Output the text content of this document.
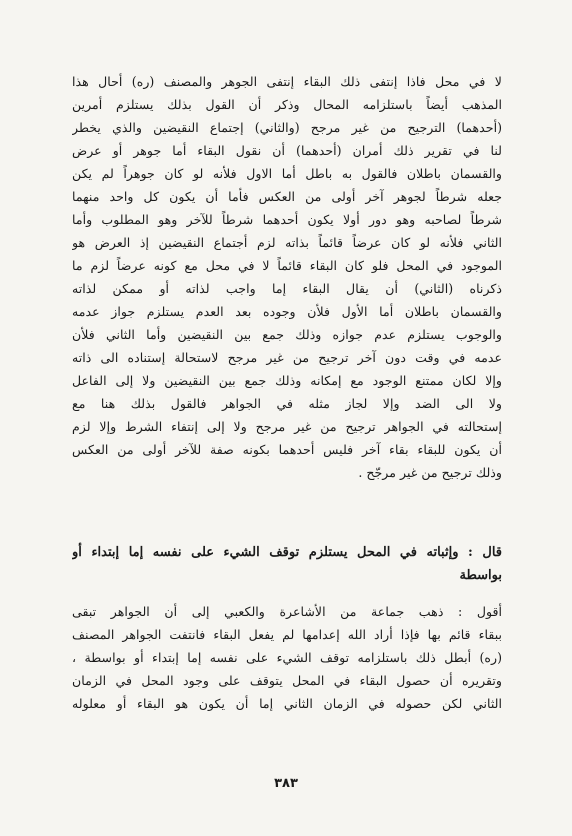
لا في محل فاذا إنتفى ذلك البقاء إنتفى الجوهر والمصنف (ره) أحال هذا
المذهب أيضاً باستلزامه المحال وذكر أن القول بذلك يستلزم أمرين
(أحدهما) الترجيح من غير مرجح (والثاني) إجتماع النقيضين والذي يخطر
لنا في تقرير ذلك أمران (أحدهما) أن نقول البقاء أما جوهر أو عرض
والقسمان باطلان فالقول به باطل أما الاول فلأنه لو كان جوهراً لم يكن
جعله شرطاً لجوهر آخر أولى من العكس فأما أن يكون كل واحد منهما
شرطاً لصاحبه وهو دور أولا يكون أحدهما شرطاً للآخر وهو المطلوب وأما
الثاني فلأنه لو كان عرضاً قائماً بذاته لزم أجتماع النقيضين إذ العرض هو
الموجود في المحل فلو كان البقاء قائماً لا في محل مع كونه عرضاً لزم ما
ذكرناه (الثاني) أن يقال البقاء إما واجب لذاته أو ممكن لذاته
والقسمان باطلان أما الأول فلأن وجوده بعد العدم يستلزم جواز عدمه
والوجوب يستلزم عدم جوازه وذلك جمع بين النقيضين وأما الثاني فلأن
عدمه في وقت دون آخر ترجيح من غير مرجح لاستحالة إستناده الى ذاته
وإلا لكان ممتنع الوجود مع إمكانه وذلك جمع بين النقيضين ولا إلى الفاعل
ولا الى الضد وإلا لجاز مثله في الجواهر فالقول بذلك هنا مع
إستحالته في الجواهر ترجيح من غير مرجح ولا إلى إنتفاء الشرط وإلا لزم
أن يكون للبقاء بقاء آخر فليس أحدهما بكونه صفة للآخر أولى من العكس
وذلك ترجيح من غير مرجّح .
قال : وإثباته في المحل يستلزم توقف الشيء على نفسه إما إبتداء أو
بواسطة
أقول : ذهب جماعة من الأشاعرة والكعبي إلى أن الجواهر تبقى
ببقاء قائم بها فإذا أراد الله إعدامها لم يفعل البقاء فانتفت الجواهر المصنف
(ره) أبطل ذلك باستلزامه توقف الشيء على نفسه إما إبتداء أو بواسطة ،
وتقريره أن حصول البقاء في المحل يتوقف على وجود المحل في الزمان
الثاني لكن حصوله في الزمان الثاني إما أن يكون هو البقاء أو معلوله
٣٨٣
